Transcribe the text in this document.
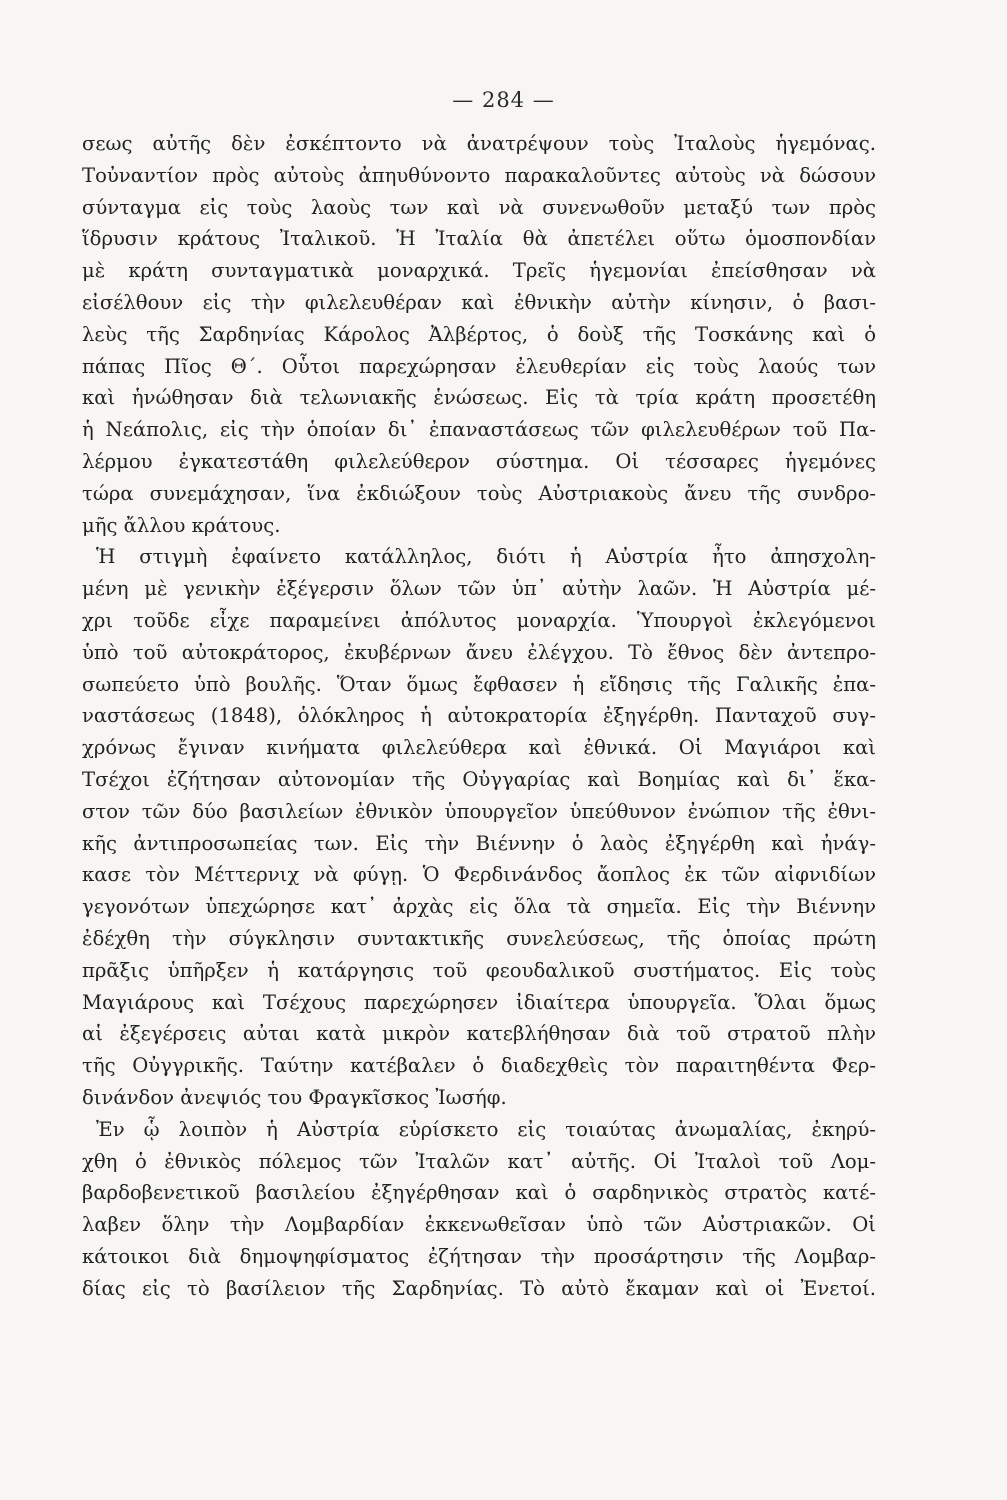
— 284 —
σεως αὐτῆς δὲν ἐσκέπτοντο νὰ ἀνατρέψουν τοὺς Ἰταλοὺς ἡγεμόνας.
Τοὐναντίον πρὸς αὐτοὺς ἀπηυθύνοντο παρακαλοῦντες αὐτοὺς νὰ δώσουν
σύνταγμα εἰς τοὺς λαοὺς των καὶ νὰ συνενωθοῦν μεταξύ των πρὸς
ἵδρυσιν κράτους Ἰταλικοῦ. Ἡ Ἰταλία θὰ ἀπετέλει οὕτω ὁμοσπονδίαν
μὲ κράτη συνταγματικὰ μοναρχικά. Τρεῖς ἡγεμονίαι ἐπείσθησαν νὰ
εἰσέλθουν εἰς τὴν φιλελευθέραν καὶ ἐθνικὴν αὐτὴν κίνησιν, ὁ βασι-
λεὺς τῆς Σαρδηνίας Κάρολος Ἀλβέρτος, ὁ δοὺξ τῆς Τοσκάνης καὶ ὁ
πάπας Πῖος Θ΄. Οὗτοι παρεχώρησαν ἐλευθερίαν εἰς τοὺς λαούς των
καὶ ἡνώθησαν διὰ τελωνιακῆς ἑνώσεως. Εἰς τὰ τρία κράτη προσετέθη
ἡ Νεάπολις, εἰς τὴν ὁποίαν δι᾽ ἐπαναστάσεως τῶν φιλελευθέρων τοῦ Πα-
λέρμου ἐγκατεστάθη φιλελεύθερον σύστημα. Οἱ τέσσαρες ἡγεμόνες
τώρα συνεμάχησαν, ἵνα ἐκδιώξουν τοὺς Αὐστριακοὺς ἄνευ τῆς συνδρο-
μῆς ἄλλου κράτους.
Ἡ στιγμὴ ἐφαίνετο κατάλληλος, διότι ἡ Αὐστρία ἦτο ἀπησχολη-
μένη μὲ γενικὴν ἐξέγερσιν ὅλων τῶν ὑπ᾽ αὐτὴν λαῶν. Ἡ Αὐστρία μέ-
χρι τοῦδε εἶχε παραμείνει ἀπόλυτος μοναρχία. Ὑπουργοὶ ἐκλεγόμενοι
ὑπὸ τοῦ αὐτοκράτορος, ἐκυβέρνων ἄνευ ἐλέγχου. Τὸ ἔθνος δὲν ἀντεπρο-
σωπεύετο ὑπὸ βουλῆς. Ὅταν ὅμως ἔφθασεν ἡ εἴδησις τῆς Γαλικῆς ἐπα-
ναστάσεως (1848), ὁλόκληρος ἡ αὐτοκρατορία ἐξηγέρθη. Πανταχοῦ συγ-
χρόνως ἔγιναν κινήματα φιλελεύθερα καὶ ἐθνικά. Οἱ Μαγιάροι καὶ
Τσέχοι ἐζήτησαν αὐτονομίαν τῆς Οὐγγαρίας καὶ Βοημίας καὶ δι᾽ ἕκα-
στον τῶν δύο βασιλείων ἐθνικὸν ὑπουργεῖον ὑπεύθυνον ἐνώπιον τῆς ἐθνι-
κῆς ἀντιπροσωπείας των. Εἰς τὴν Βιέννην ὁ λαὸς ἐξηγέρθη καὶ ἠνάγ-
κασε τὸν Μέττερνιχ νὰ φύγῃ. Ὁ Φερδινάνδος ἄοπλος ἐκ τῶν αἰφνιδίων
γεγονότων ὑπεχώρησε κατ᾽ ἀρχὰς εἰς ὅλα τὰ σημεῖα. Εἰς τὴν Βιέννην
ἐδέχθη τὴν σύγκλησιν συντακτικῆς συνελεύσεως, τῆς ὁποίας πρώτη
πρᾶξις ὑπῆρξεν ἡ κατάργησις τοῦ φεουδαλικοῦ συστήματος. Εἰς τοὺς
Μαγιάρους καὶ Τσέχους παρεχώρησεν ἰδιαίτερα ὑπουργεῖα. Ὅλαι ὅμως
αἱ ἐξεγέρσεις αὐται κατὰ μικρὸν κατεβλήθησαν διὰ τοῦ στρατοῦ πλὴν
τῆς Οὐγγρικῆς. Ταύτην κατέβαλεν ὁ διαδεχθεὶς τὸν παραιτηθέντα Φερ-
δινάνδον ἀνεψιός του Φραγκῖσκος Ἰωσήφ.
Ἐν ᾧ λοιπὸν ἡ Αὐστρία εὑρίσκετο εἰς τοιαύτας ἀνωμαλίας, ἐκηρύ-
χθη ὁ ἐθνικὸς πόλεμος τῶν Ἰταλῶν κατ᾽ αὐτῆς. Οἱ Ἰταλοὶ τοῦ Λομ-
βαρδοβενετικοῦ βασιλείου ἐξηγέρθησαν καὶ ὁ σαρδηνικὸς στρατὸς κατέ-
λαβεν ὅλην τὴν Λομβαρδίαν ἐκκενωθεῖσαν ὑπὸ τῶν Αὐστριακῶν. Οἱ
κάτοικοι διὰ δημοψηφίσματος ἐζήτησαν τὴν προσάρτησιν τῆς Λομβαρ-
δίας εἰς τὸ βασίλειον τῆς Σαρδηνίας. Τὸ αὐτὸ ἔκαμαν καὶ οἱ Ἐνετοί.
